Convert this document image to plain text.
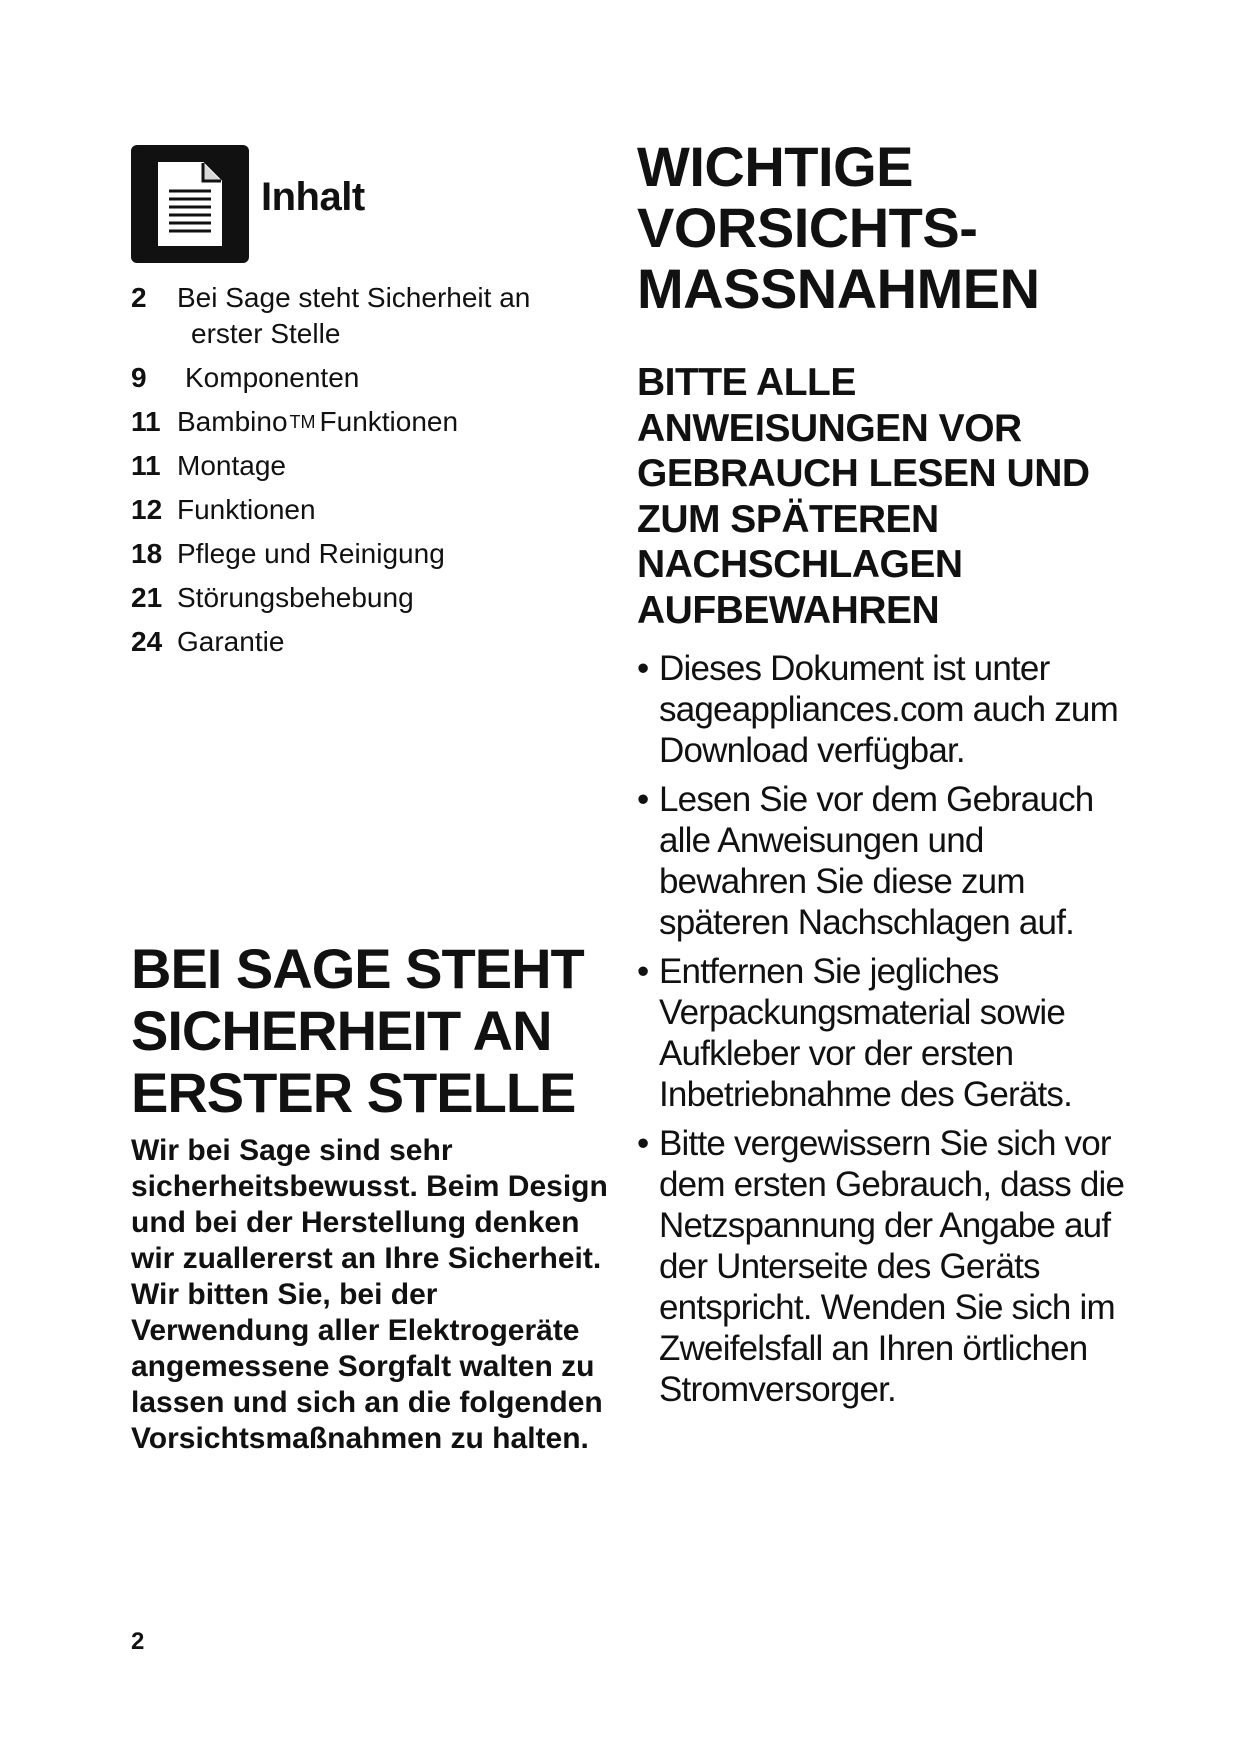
Inhalt
2	Bei Sage steht Sicherheit an erster Stelle
9	Komponenten
11 Bambino TM Funktionen
11 Montage
12 Funktionen
18 Pflege und Reinigung
21 Störungsbehebung
24 Garantie
BEI SAGE STEHT SICHERHEIT AN ERSTER STELLE

Wir bei Sage sind sehr sicherheitsbewusst. Beim Design und bei der Herstellung denken wir zuallererst an Ihre Sicherheit. Wir bitten Sie, bei der Verwendung aller Elektrogeräte angemessene Sorgfalt walten zu lassen und sich an die folgenden Vorsichtsmaßnahmen zu halten.

2
WICHTIGE VORSICHTSMASSNAHMEN
BITTE ALLE ANWEISUNGEN VOR GEBRAUCH LESEN UND ZUM SPÄTEREN NACHSCHLAGEN AUFBEWAHREN
• Dieses Dokument ist unter sageappliances.com auch zum Download verfügbar.
• Lesen Sie vor dem Gebrauch alle Anweisungen und bewahren Sie diese zum späteren Nachschlagen auf.
• Entfernen Sie jegliches Verpackungsmaterial sowie Aufkleber vor der ersten Inbetriebnahme des Geräts.
• Bitte vergewissern Sie sich vor dem ersten Gebrauch, dass die Netzspannung der Angabe auf der Unterseite des Geräts entspricht. Wenden Sie sich im Zweifelsfall an Ihren örtlichen Stromversorger.
